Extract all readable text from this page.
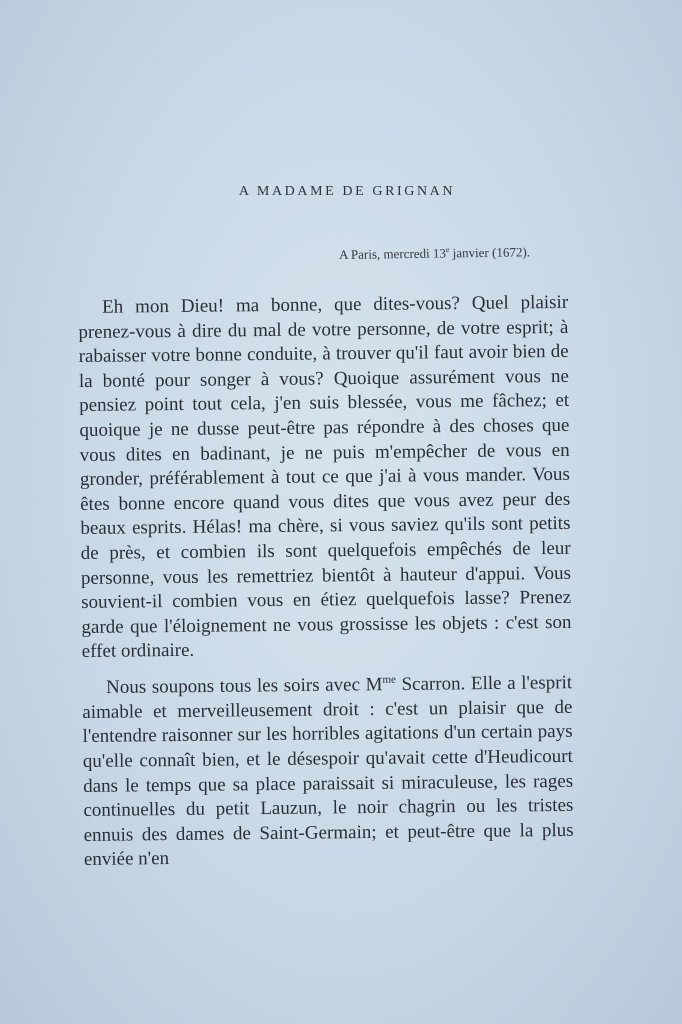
A MADAME DE GRIGNAN
A Paris, mercredi 13e janvier (1672).

Eh mon Dieu! ma bonne, que dites-vous? Quel plaisir prenez-vous à dire du mal de votre personne, de votre esprit; à rabaisser votre bonne conduite, à trouver qu'il faut avoir bien de la bonté pour songer à vous? Quoique assurément vous ne pensiez point tout cela, j'en suis blessée, vous me fâchez; et quoique je ne dusse peut-être pas répondre à des choses que vous dites en badinant, je ne puis m'empêcher de vous en gronder, préférablement à tout ce que j'ai à vous mander. Vous êtes bonne encore quand vous dites que vous avez peur des beaux esprits. Hélas! ma chère, si vous saviez qu'ils sont petits de près, et combien ils sont quelquefois empêchés de leur personne, vous les remettriez bientôt à hauteur d'appui. Vous souvient-il combien vous en étiez quelquefois lasse? Prenez garde que l'éloignement ne vous grossisse les objets : c'est son effet ordinaire.

Nous soupons tous les soirs avec $M^{me}$ Scarron. Elle a l'esprit aimable et merveilleusement droit : c'est un plaisir que de l'entendre raisonner sur les horribles agitations d'un certain pays qu'elle connaît bien, et le désespoir qu'avait cette d'Heudicourt dans le temps que sa place paraissait si miraculeuse, les rages continuelles du petit Lauzun, le noir chagrin ou les tristes ennuis des dames de Saint-Germain; et peut-être que la plus enviée n'en
